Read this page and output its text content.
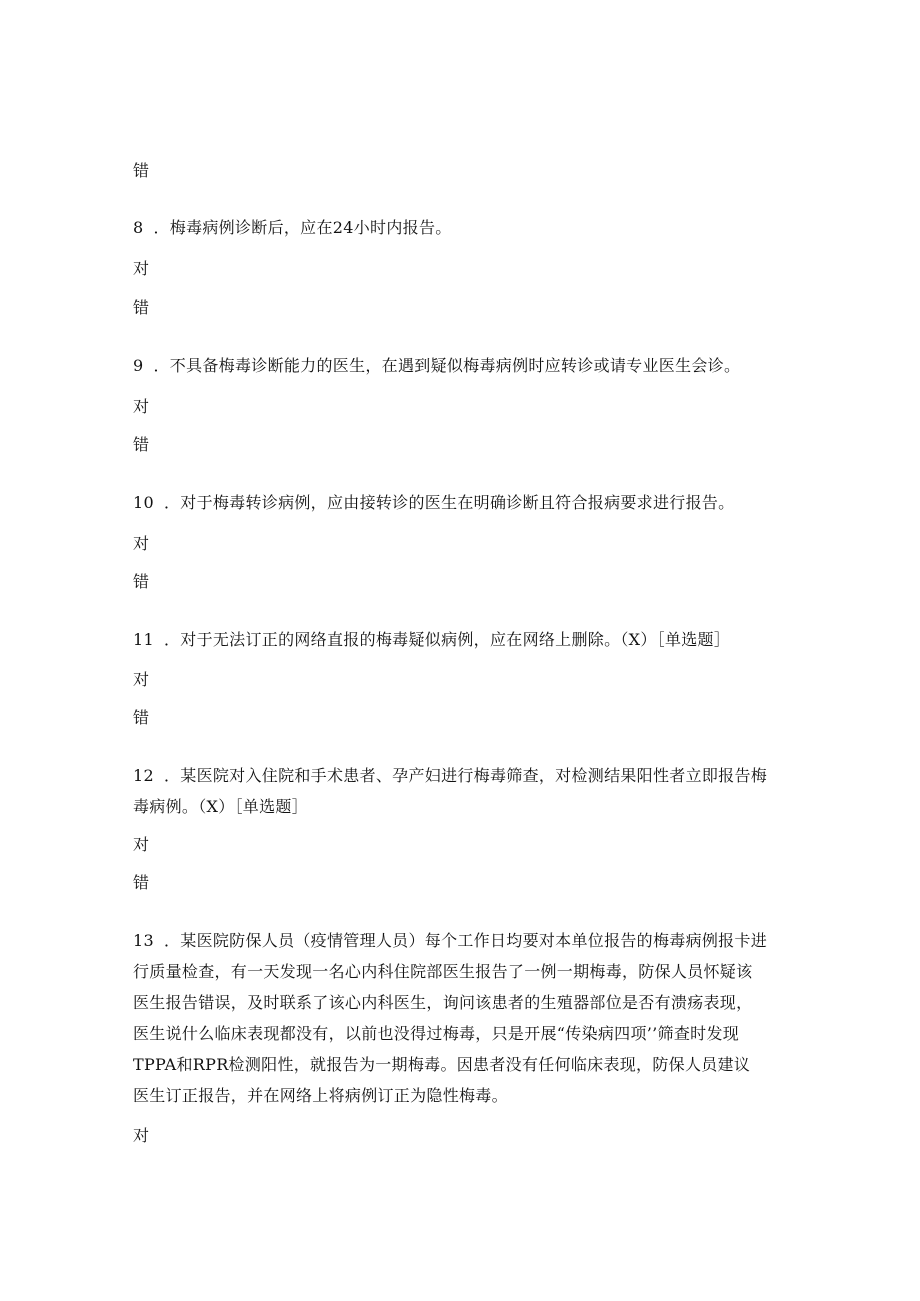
错
8 ．梅毒病例诊断后，应在24小时内报告。
对
错
9 ．不具备梅毒诊断能力的医生，在遇到疑似梅毒病例时应转诊或请专业医生会诊。
对
错
10 ．对于梅毒转诊病例，应由接转诊的医生在明确诊断且符合报病要求进行报告。
对
错
11 ．对于无法订正的网络直报的梅毒疑似病例，应在网络上删除。（X）［单选题］
对
错
12 ．某医院对入住院和手术患者、孕产妇进行梅毒筛查，对检测结果阳性者立即报告梅
毒病例。（X）［单选题］
对
错
13 ．某医院防保人员（疫情管理人员）每个工作日均要对本单位报告的梅毒病例报卡进
行质量检查，有一天发现一名心内科住院部医生报告了一例一期梅毒，防保人员怀疑该
医生报告错误，及时联系了该心内科医生，询问该患者的生殖器部位是否有溃疡表现，
医生说什么临床表现都没有，以前也没得过梅毒，只是开展“传染病四项’’筛查时发现
TPPA和RPR检测阳性，就报告为一期梅毒。因患者没有任何临床表现，防保人员建议
医生订正报告，并在网络上将病例订正为隐性梅毒。
对
